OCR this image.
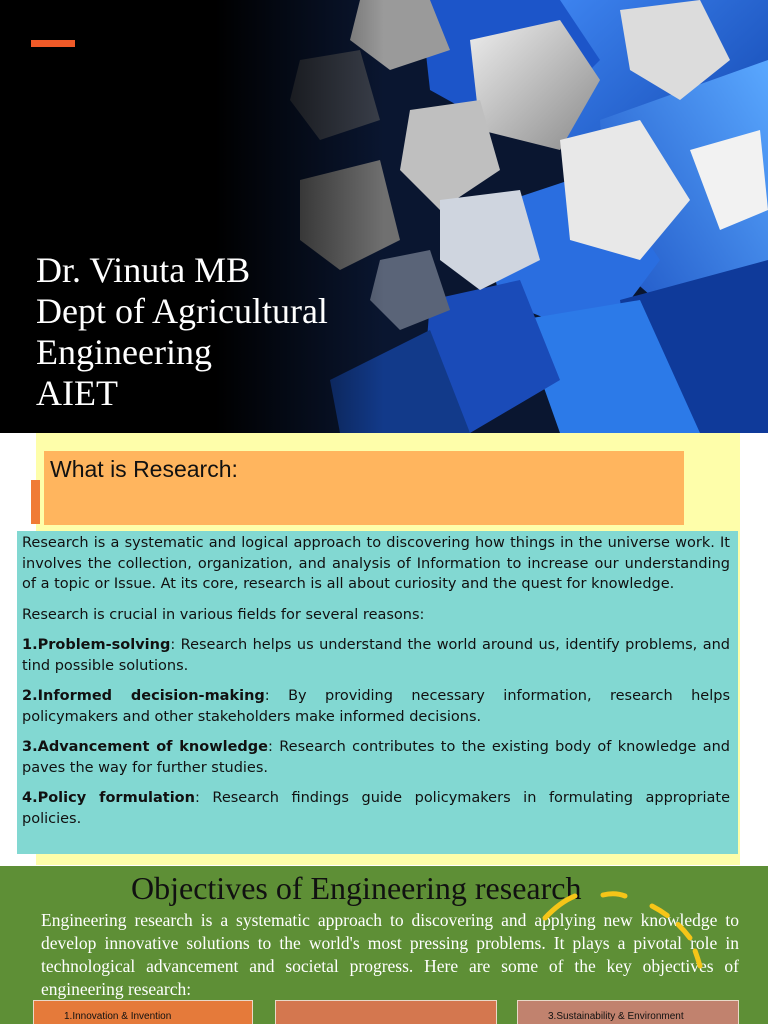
Dr. Vinuta MB
Dept of Agricultural
Engineering
AIET
What is Research:

Research is a systematic and logical approach to discovering how things in the universe work. It involves the collection, organization, and analysis of Information to increase our understanding of a topic or Issue. At its core, research is all about curiosity and the quest for knowledge.

Research is crucial in various fields for several reasons:

1.Problem-solving: Research helps us understand the world around us, identify problems, and tind possible solutions.

2.Informed decision-making: By providing necessary information, research helps policymakers and other stakeholders make informed decisions.

3.Advancement of knowledge: Research contributes to the existing body of knowledge and paves the way for further studies.

4.Policy formulation: Research findings guide policymakers in formulating appropriate policies.

Objectives of Engineering research
Engineering research is a systematic approach to discovering and applying new knowledge to develop innovative solutions to the world's most pressing problems. It plays a pivotal role in technological advancement and societal progress. Here are some of the key objectives of engineering research:
1.Innovation & Invention	3.Sustainability & Environment
